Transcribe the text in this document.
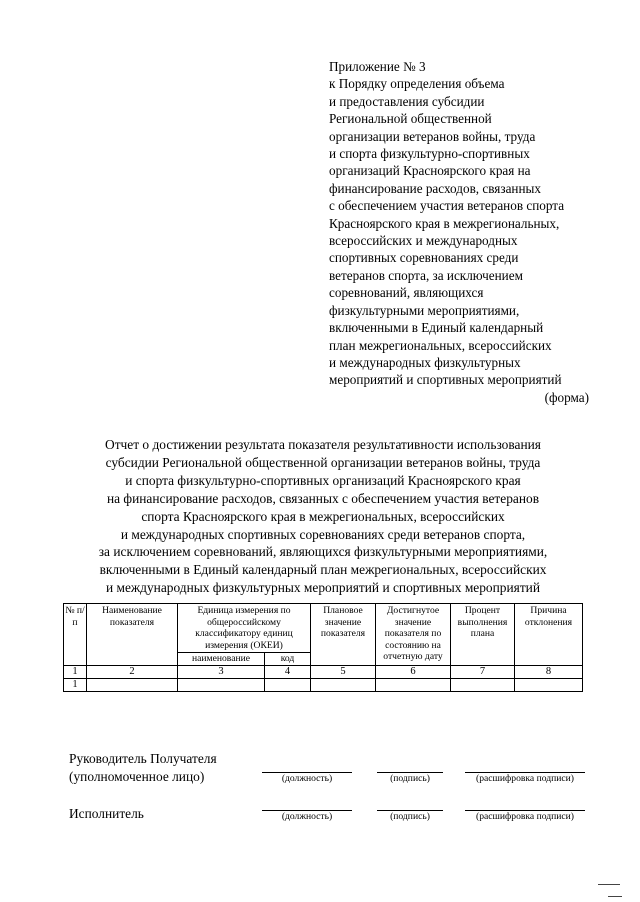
Приложение № 3
к Порядку определения объема
и предоставления субсидии
Региональной общественной
организации ветеранов войны, труда
и спорта физкультурно-спортивных
организаций Красноярского края на
финансирование расходов, связанных
с обеспечением участия ветеранов спорта
Красноярского края в межрегиональных,
всероссийских и международных
спортивных соревнованиях среди
ветеранов спорта, за исключением
соревнований, являющихся
физкультурными мероприятиями,
включенными в Единый календарный
план межрегиональных, всероссийских
и международных физкультурных
мероприятий и спортивных мероприятий
(форма)
Отчет о достижении результата показателя результативности использования
субсидии Региональной общественной организации ветеранов войны, труда
и спорта физкультурно-спортивных организаций Красноярского края
на финансирование расходов, связанных с обеспечением участия ветеранов
спорта Красноярского края в межрегиональных, всероссийских
и международных спортивных соревнованиях среди ветеранов спорта,
за исключением соревнований, являющихся физкультурными мероприятиями,
включенными в Единый календарный план межрегиональных, всероссийских
и международных физкультурных мероприятий и спортивных мероприятий
№ п/п	Наименование показателя	Единица измерения по общероссийскому классификатору единиц измерения (ОКЕИ)		Плановое значение показателя	Достигнутое значение показателя по состоянию на отчетную дату	Процент выполнения плана	Причина отклонения
		наименование	код				
1	2	3	4	5	6	7	8
1							
Руководитель Получателя
(уполномоченное лицо)	(должность)	(подпись)	(расшифровка подписи)
Исполнитель	(должность)	(подпись)	(расшифровка подписи)
